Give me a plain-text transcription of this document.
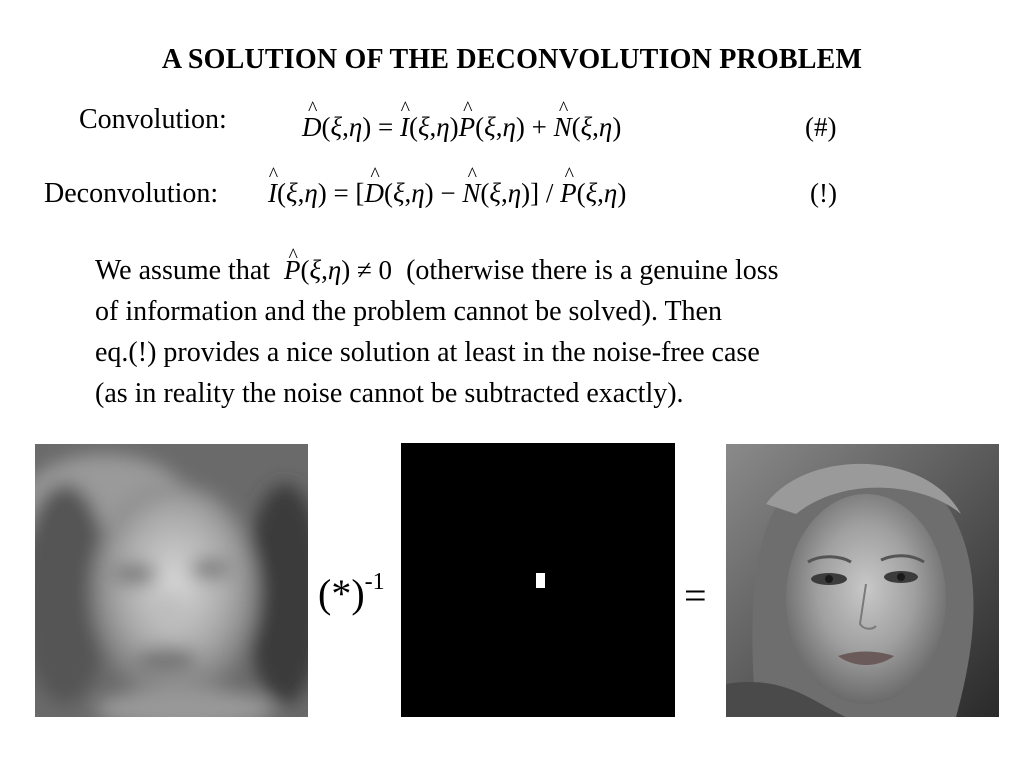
A SOLUTION OF THE DECONVOLUTION PROBLEM
Convolution:	^ D(ξ,η) = ^ I(ξ,η)^ P(ξ,η) + ^ N(ξ,η)	(#)
Deconvolution: ^ I(ξ,η) = [^ D(ξ,η) − ^ N(ξ,η)] / ^ P(ξ,η)	(!)
We assume that ^ P(ξ,η) ≠ 0 (otherwise there is a genuine loss
of information and the problem cannot be solved). Then
eq.(!) provides a nice solution at least in the noise-free case
(as in reality the noise cannot be subtracted exactly).
$(*)^{-1}$	=
